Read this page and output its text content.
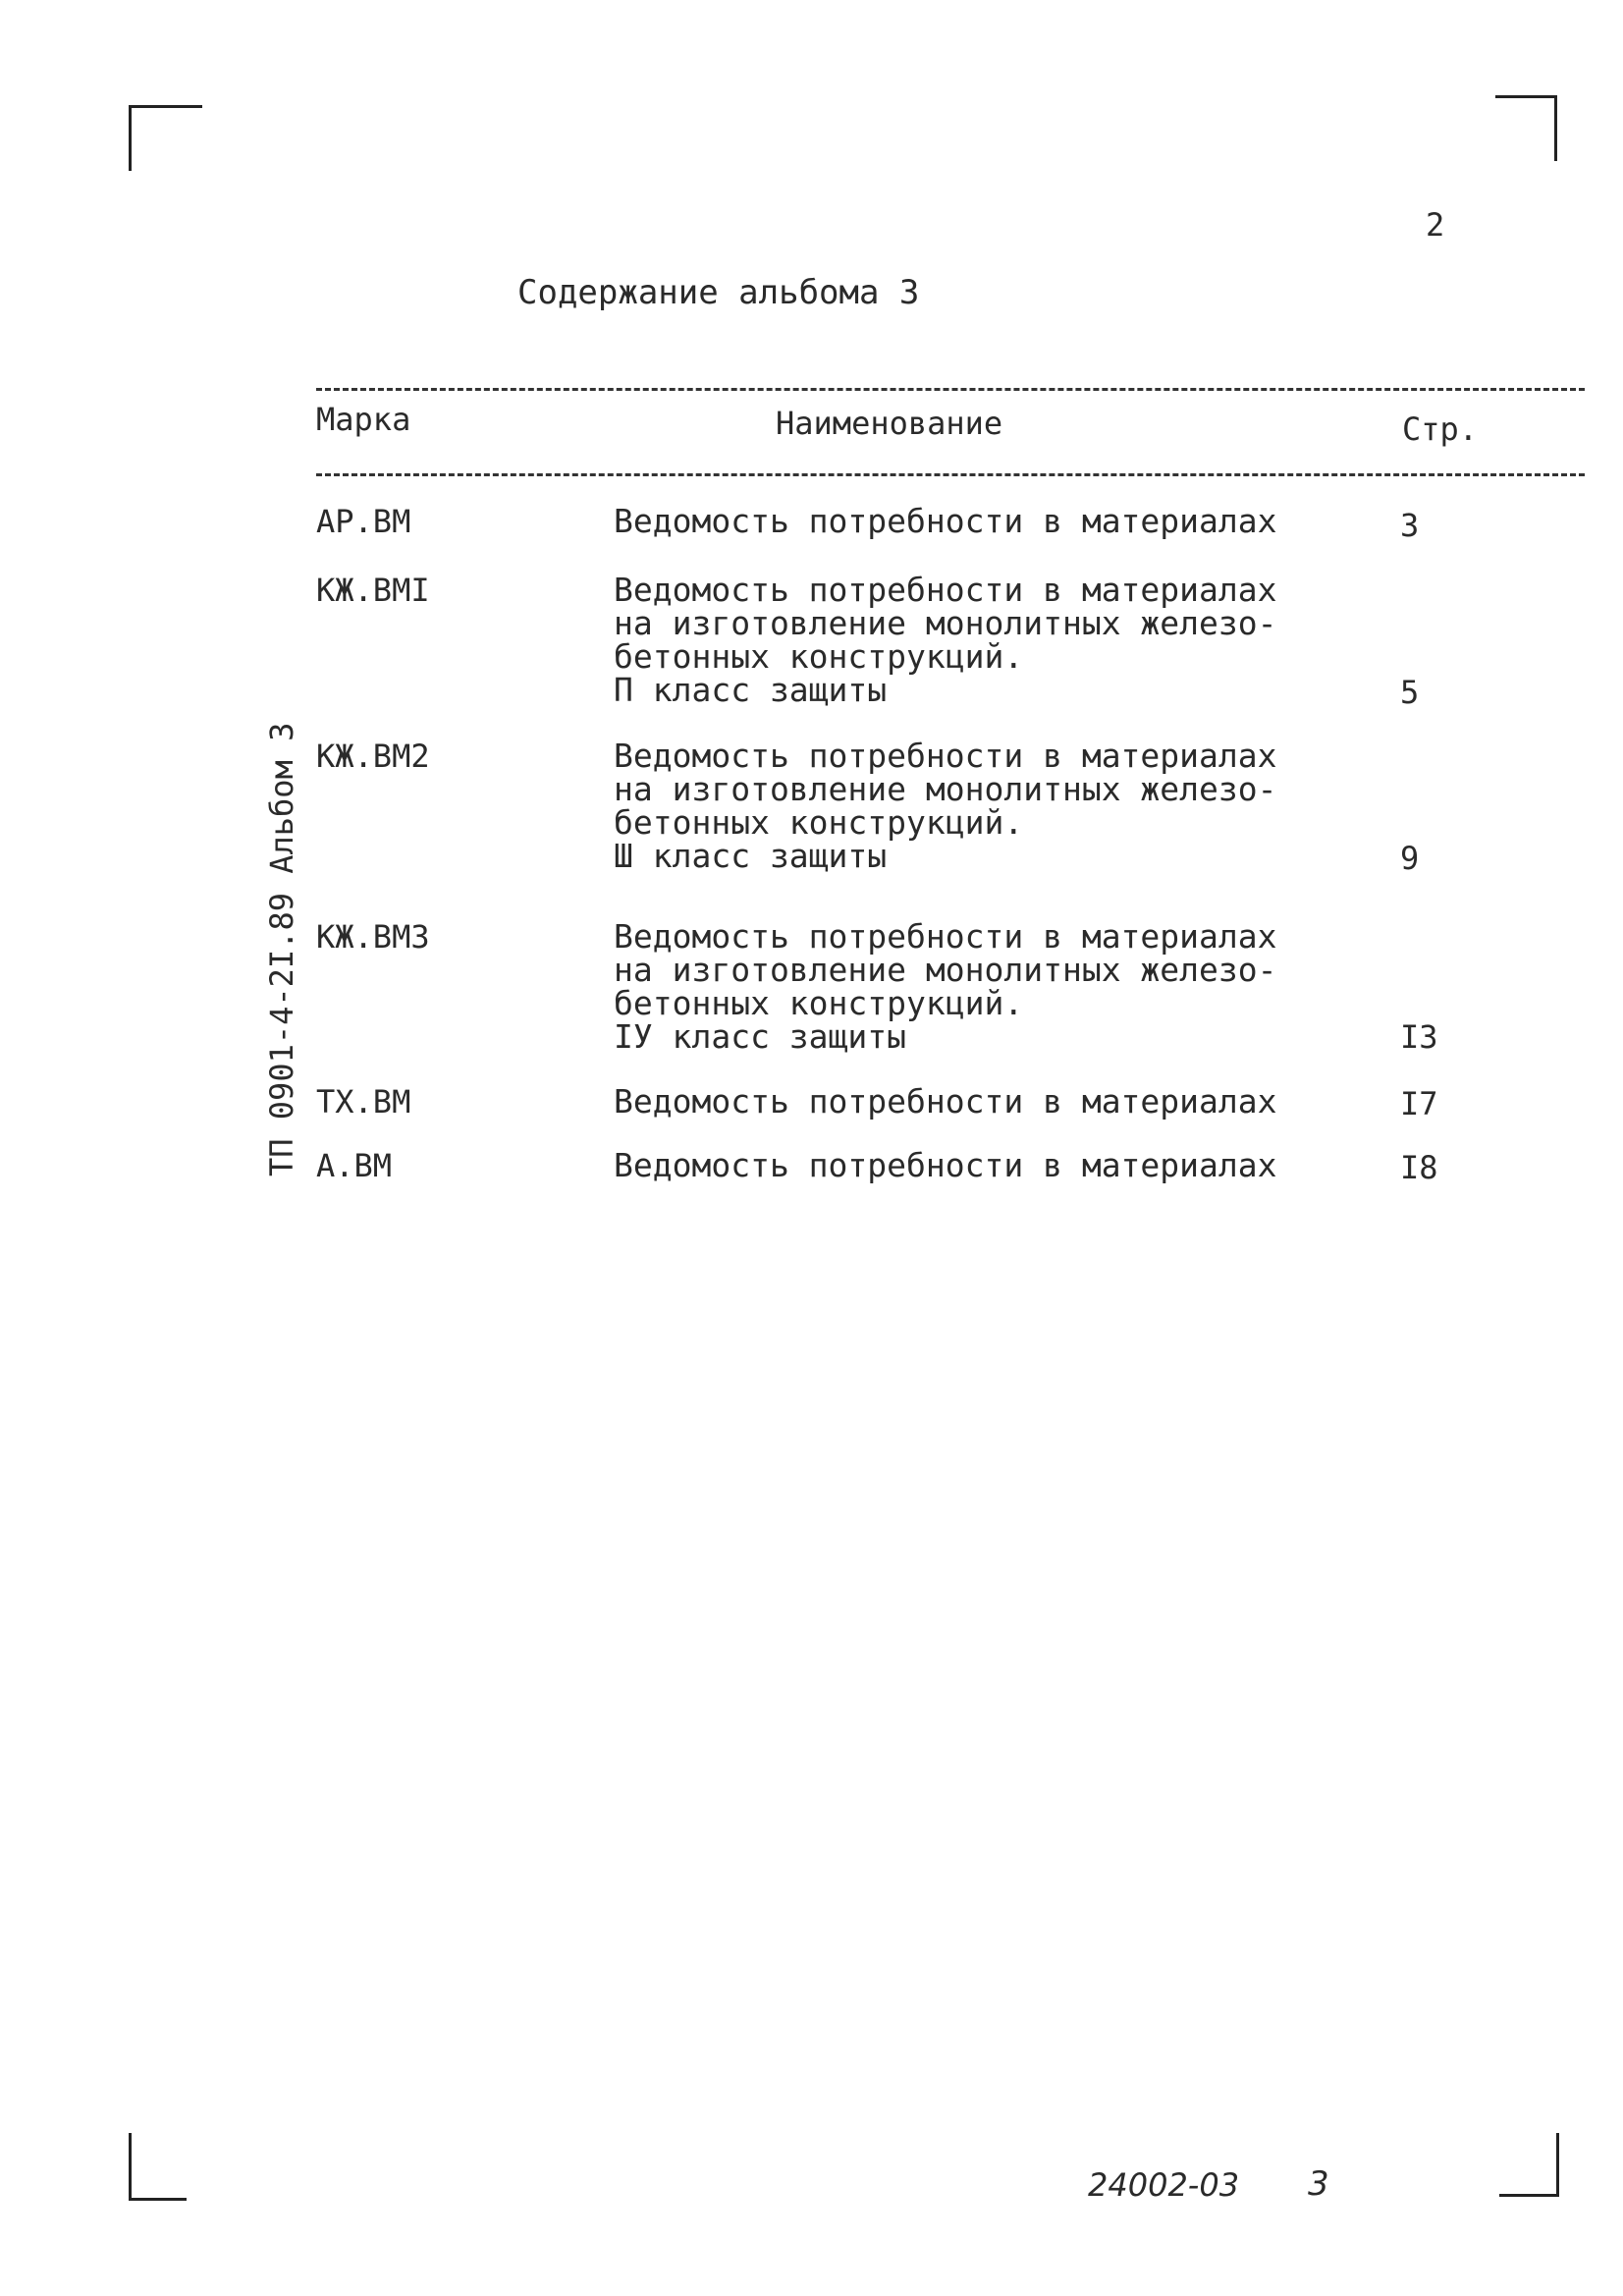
2
Содержание альбома 3
Марка	Наименование	Стр.
ТП 0901-4-2I.89 Альбом 3
АР.ВМ	Ведомость потребности в материалах	3
КЖ.ВМI	Ведомость потребности в материалах
на изготовление монолитных железо-
бетонных конструкций.
П класс защиты	5
КЖ.ВМ2	Ведомость потребности в материалах
на изготовление монолитных железо-
бетонных конструкций.
Ш класс защиты	9
КЖ.ВМ3	Ведомость потребности в материалах
на изготовление монолитных железо-
бетонных конструкций.
IУ класс защиты	I3
ТХ.ВМ	Ведомость потребности в материалах	I7
А.ВМ	Ведомость потребности в материалах	I8
24002-03 3
